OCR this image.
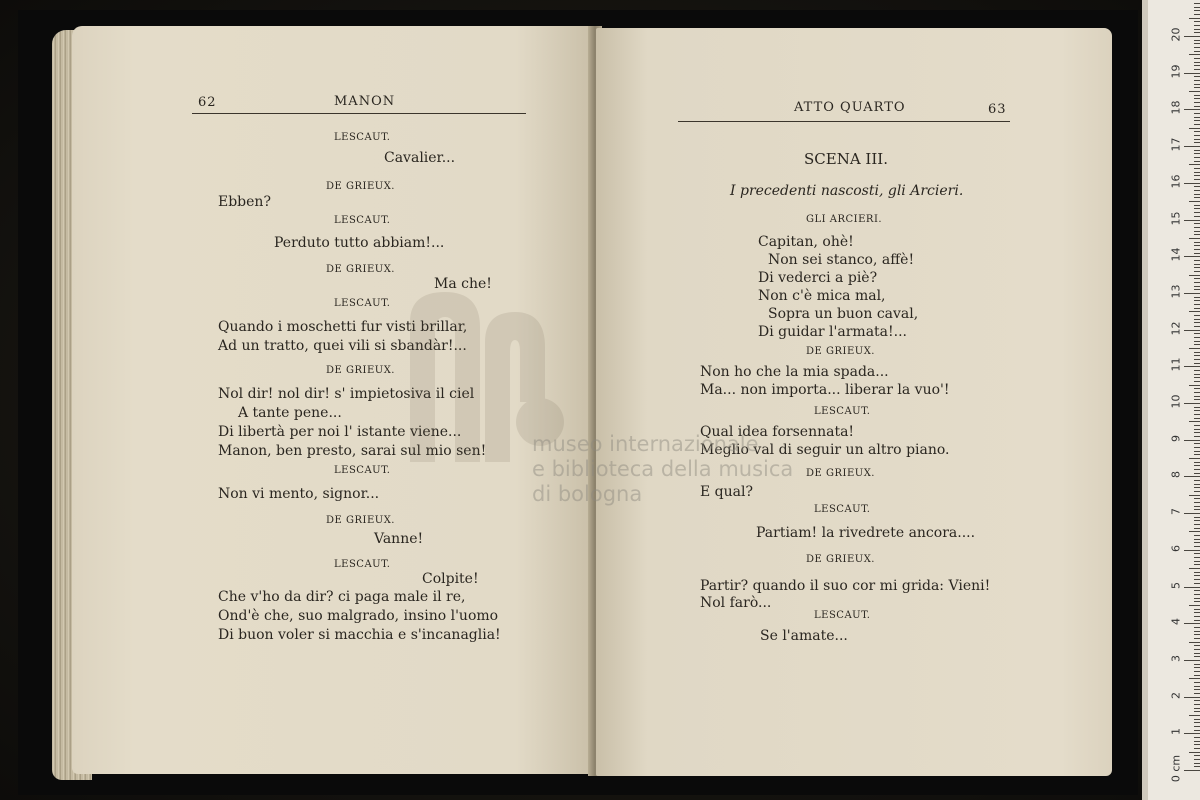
62	MANON
LESCAUT.
Cavalier...
DE GRIEUX.
Ebben?
LESCAUT.
Perduto tutto abbiam!...
DE GRIEUX.
Ma che!
LESCAUT.
Quando i moschetti fur visti brillar,
Ad un tratto, quei vili si sbandàr!...
DE GRIEUX.
Nol dir! nol dir! s' impietosiva il ciel
A tante pene...
Di libertà per noi l' istante viene...
Manon, ben presto, sarai sul mio sen!
LESCAUT.
Non vi mento, signor...
DE GRIEUX.
Vanne!
LESCAUT.
Colpite!
Che v'ho da dir? ci paga male il re,
Ond'è che, suo malgrado, insino l'uomo
Di buon voler si macchia e s'incanaglia!
ATTO QUARTO	63
SCENA III.
I precedenti nascosti, gli Arcieri.
GLI ARCIERI.
Capitan, ohè!
Non sei stanco, affè!
Di vederci a piè?
Non c'è mica mal,
Sopra un buon caval,
Di guidar l'armata!...
DE GRIEUX.
Non ho che la mia spada...
Ma... non importa... liberar la vuo'!
LESCAUT.
Qual idea forsennata!
Meglio val di seguir un altro piano.
DE GRIEUX.
E qual?
LESCAUT.
Partiam! la rivedrete ancora....
DE GRIEUX.
Partir? quando il suo cor mi grida: Vieni!
Nol farò...
LESCAUT.
Se l'amate...
museo internazionale
e biblioteca della musica
di bologna
0 cm
1
2
3
4
5
6
7
8
9
10
11
12
13
14
15
16
17
18
19
20
